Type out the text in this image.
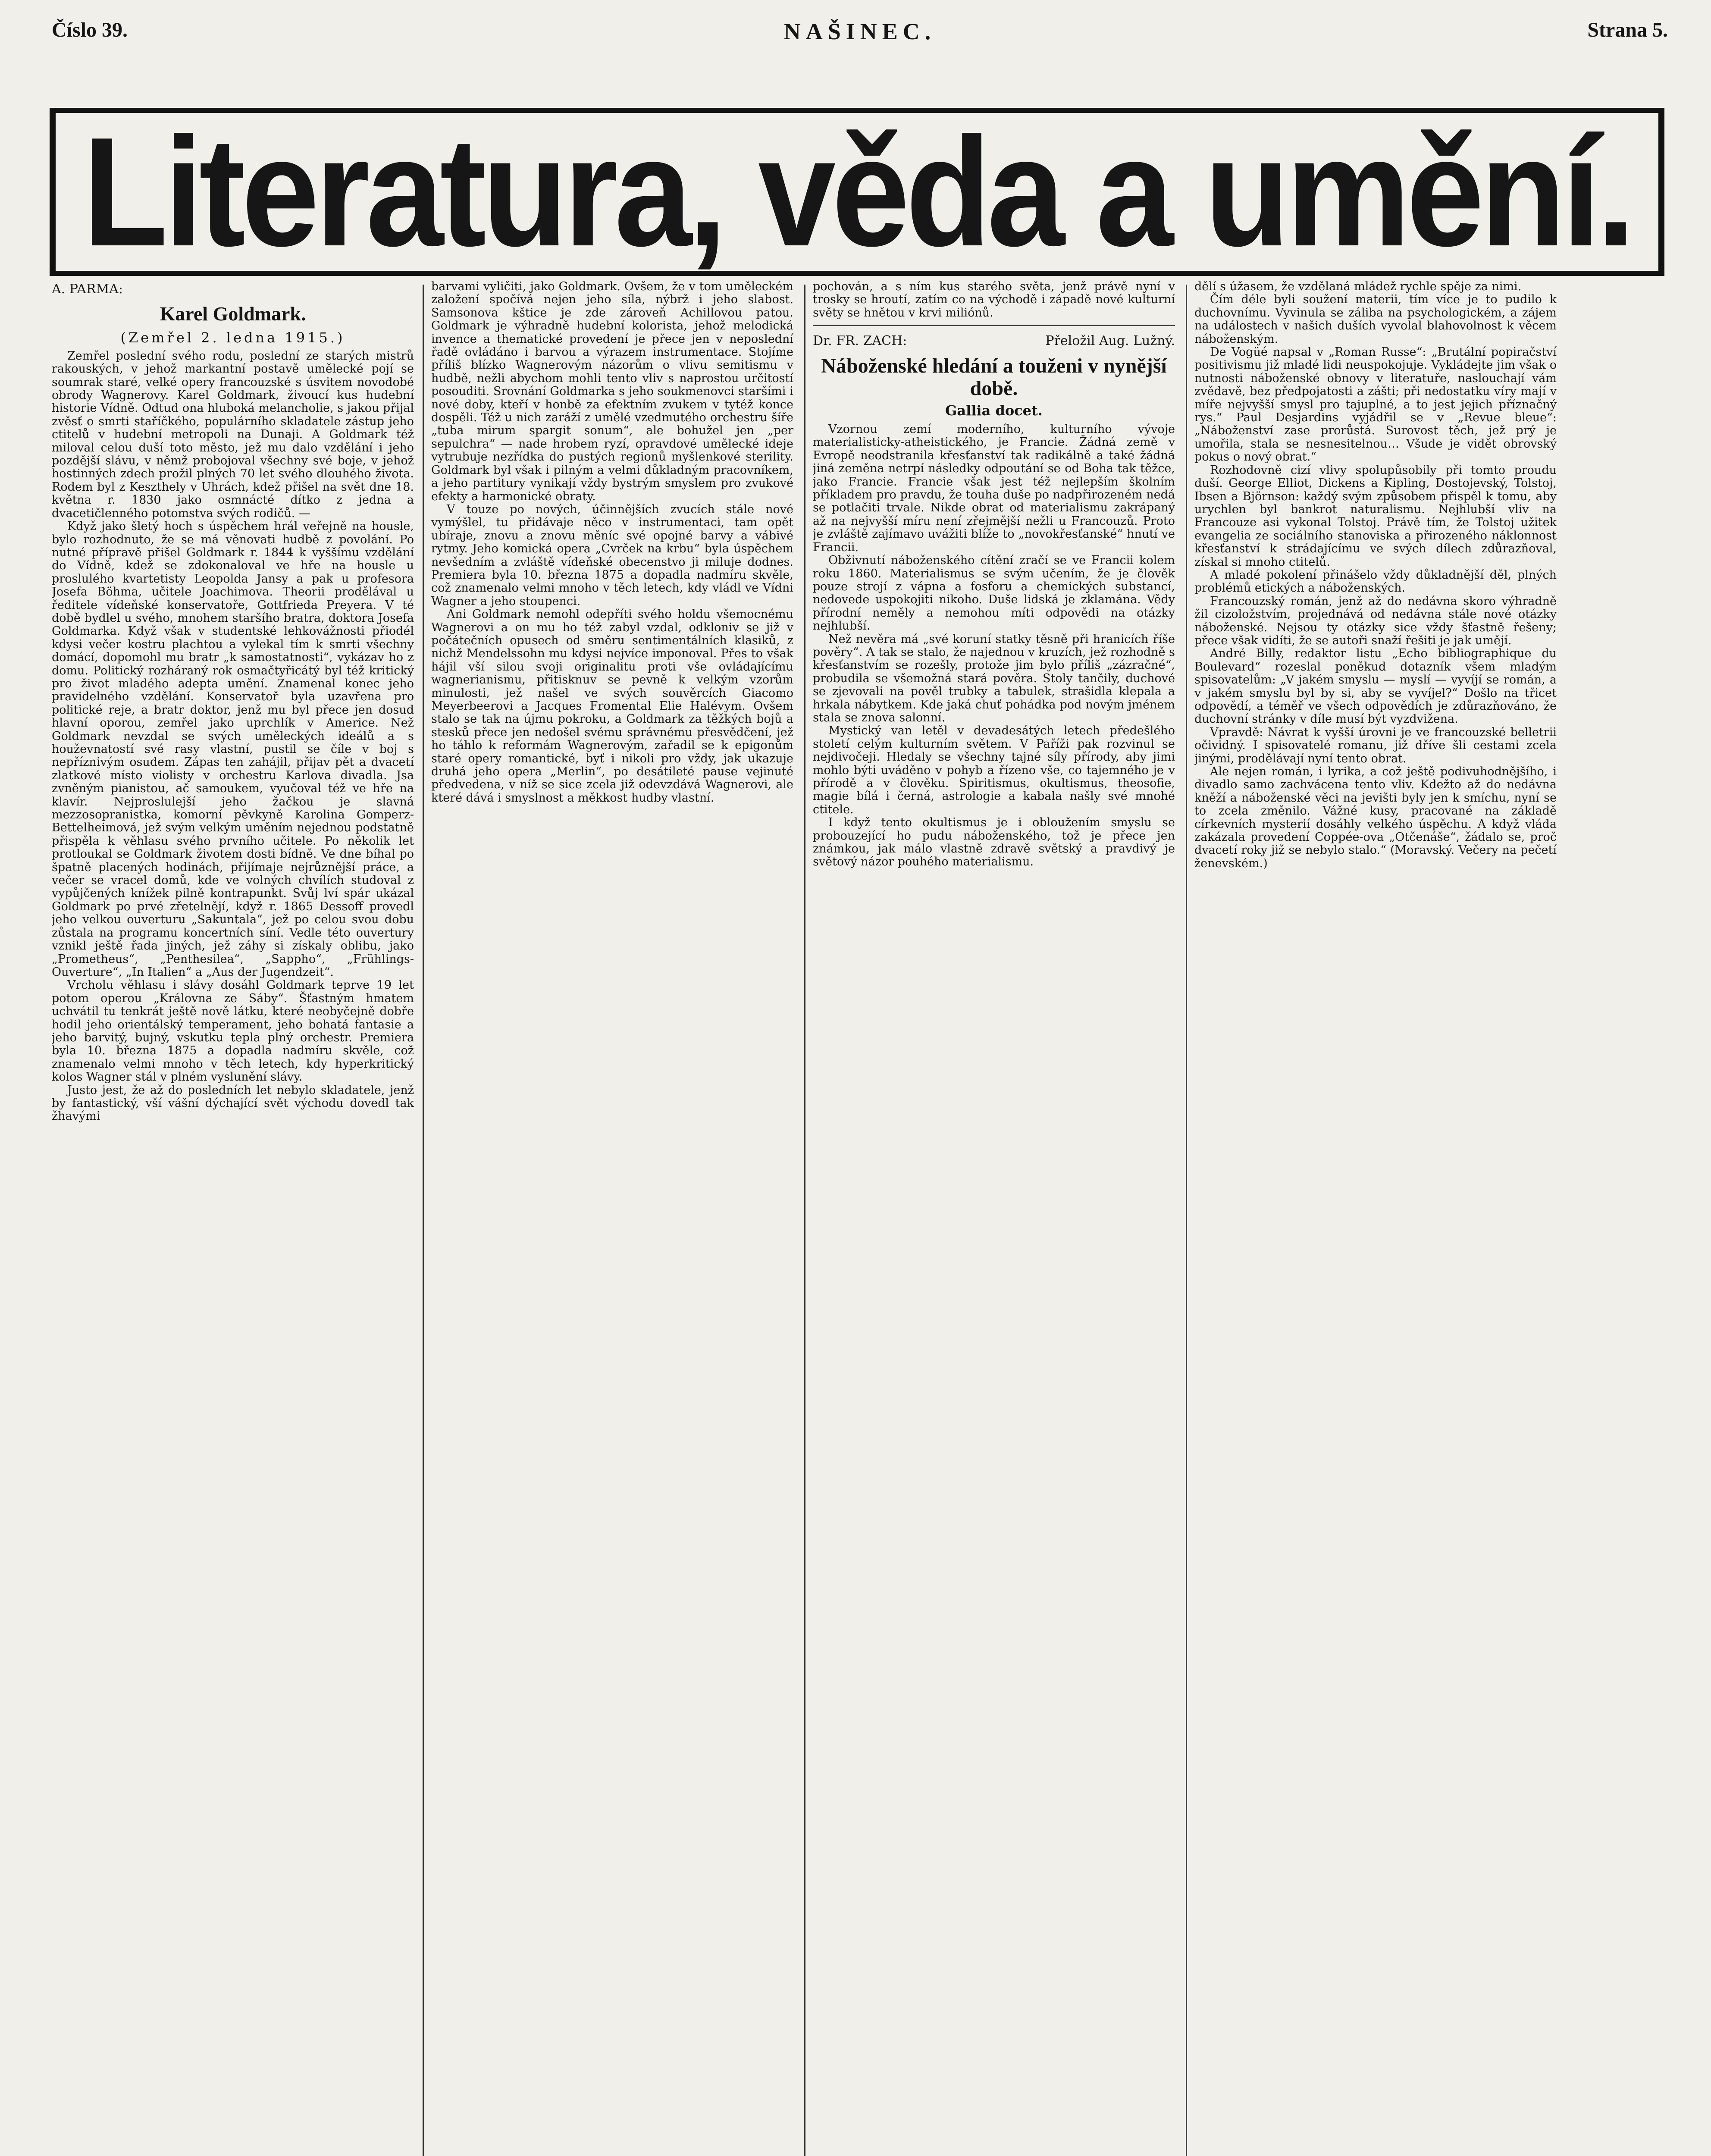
Číslo 39.	NAŠINEC.	Strana 5.
Literatura, věda a umění.

A. PARMA:

Karel Goldmark.
(Zemřel 2. ledna 1915.)

Zemřel poslední svého rodu, poslední ze starých mistrů rakouských, v jehož markantní postavě umělecké pojí se soumrak staré, velké opery francouzské s úsvitem novodobé obrody Wagnerovy. Karel Goldmark, živoucí kus hudební historie Vídně. Odtud ona hluboká melancholie, s jakou přijal zvěsť o smrti staříčkého, populárního skladatele zástup jeho ctitelů v hudební metropoli na Dunaji. A Goldmark též miloval celou duší toto město, jež mu dalo vzdělání i jeho pozdější slávu, v němž probojoval všechny své boje, v jehož hostinných zdech prožil plných 70 let svého dlouhého života. Rodem byl z Keszthely v Uhrách, kdež přišel na svět dne 18. května r. 1830 jako osmnácté dítko z jedna a dvacetičlenného potomstva svých rodičů. —

Když jako šletý hoch s úspěchem hrál veřejně na housle, bylo rozhodnuto, že se má věnovati hudbě z povolání. Po nutné přípravě přišel Goldmark r. 1844 k vyššímu vzdělání do Vídně, kdež se zdokonaloval ve hře na housle u proslulého kvartetisty Leopolda Jansy a pak u profesora Josefa Böhma, učitele Joachimova. Theorii prodělával u ředitele vídeňské konservatoře, Gottfrieda Preyera. V té době bydlel u svého, mnohem staršího bratra, doktora Josefa Goldmarka. Když však v studentské lehkovážnosti přiodél kdysi večer kostru plachtou a vylekal tím k smrti všechny domácí, dopomohl mu bratr „k samostatnosti“, vykázav ho z domu. Politický rozháraný rok osmačtyřicátý byl též kritický pro život mladého adepta umění. Znamenal konec jeho pravidelného vzdělání. Konservatoř byla uzavřena pro politické reje, a bratr doktor, jenž mu byl přece jen dosud hlavní oporou, zemřel jako uprchlík v Americe. Než Goldmark nevzdal se svých uměleckých ideálů a s houževnatostí své rasy vlastní, pustil se číle v boj s nepříznivým osudem. Zápas ten zahájil, přijav pět a dvacetí zlatkové místo violisty v orchestru Karlova divadla. Jsa zvněným pianistou, ač samoukem, vyučoval též ve hře na klavír. Nejproslulejší jeho žačkou je slavná mezzosopranistka, komorní pěvkyně Karolina Gomperz-Bettelheimová, jež svým velkým uměním nejednou podstatně přispěla k věhlasu svého prvního učitele. Po několik let protloukal se Goldmark životem dosti bídně. Ve dne bíhal po špatně placených hodinách, přijímaje nejrůznější práce, a večer se vracel domů, kde ve volných chvílích studoval z vypůjčených knížek pilně kontrapunkt. Svůj lví spár ukázal Goldmark po prvé zřetelnějí, když r. 1865 Dessoff provedl jeho velkou ouverturu „Sakuntala“, jež po celou svou dobu zůstala na programu koncertních síní. Vedle této ouvertury vznikl ještě řada jiných, jež záhy si získaly oblibu, jako „Prometheus“, „Penthesilea“, „Sappho“, „Frühlings-Ouverture“, „In Italien“ a „Aus der Jugendzeit“.

Vrcholu věhlasu i slávy dosáhl Goldmark teprve 19 let potom operou „Královna ze Sáby“. Šťastným hmatem uchvátil tu tenkrát ještě nově látku, které neobyčejně dobře hodil jeho orientálský temperament, jeho bohatá fantasie a jeho barvitý, bujný, vskutku tepla plný orchestr. Premiera byla 10. března 1875 a dopadla nadmíru skvěle, což znamenalo velmi mnoho v těch letech, kdy hyperkritický kolos Wagner stál v plném vyslunění slávy.

Justo jest, že až do posledních let nebylo skladatele, jenž by fantastický, vší vášní dýchající svět východu dovedl tak žhavými

barvami vyličiti, jako Goldmark. Ovšem, že v tom uměleckém založení spočívá nejen jeho síla, nýbrž i jeho slabost. Samsonova kštice je zde zároveň Achillovou patou. Goldmark je výhradně hudební kolorista, jehož melodická invence a thematické provedení je přece jen v neposlední řadě ovládáno i barvou a výrazem instrumentace. Stojíme příliš blízko Wagnerovým názorům o vlivu semitismu v hudbě, nežli abychom mohli tento vliv s naprostou určitostí posouditi. Srovnání Goldmarka s jeho soukmenovci staršími i nové doby, kteří v honbě za efektním zvukem v tytéž konce dospěli. Též u nich zaráží z umělé vzedmutého orchestru šíře „tuba mirum spargit sonum“, ale bohužel jen „per sepulchra“ — nade hrobem ryzí, opravdové umělecké ideje vytrubuje nezřídka do pustých regionů myšlenkové sterility. Goldmark byl však i pilným a velmi důkladným pracovníkem, a jeho partitury vynikají vždy bystrým smyslem pro zvukové efekty a harmonické obraty.

V touze po nových, účinnějších zvucích stále nové vymýšlel, tu přidávaje něco v instrumentaci, tam opět ubíraje, znovu a znovu měníc své opojné barvy a vábivé rytmy. Jeho komická opera „Cvrček na krbu“ byla úspěchem nevšedním a zvláště vídeňské obecenstvo ji miluje dodnes. Premiera byla 10. března 1875 a dopadla nadmíru skvěle, což znamenalo velmi mnoho v těch letech, kdy vládl ve Vídni Wagner a jeho stoupenci.

Ani Goldmark nemohl odepříti svého holdu všemocnému Wagnerovi a on mu ho též zabyl vzdal, odkloniv se již v počátečních opusech od směru sentimentálních klasiků, z nichž Mendelssohn mu kdysi nejvíce imponoval. Přes to však hájil vší silou svoji originalitu proti vše ovládajícímu wagnerianismu, přitisknuv se pevně k velkým vzorům minulosti, jež našel ve svých souvěrcích Giacomo Meyerbeerovi a Jacques Fromental Elie Halévym. Ovšem stalo se tak na újmu pokroku, a Goldmark za těžkých bojů a stesků přece jen nedošel svému správnému přesvědčení, jež ho táhlo k reformám Wagnerovým, zařadil se k epigonům staré opery romantické, byť i nikoli pro vždy, jak ukazuje druhá jeho opera „Merlin“, po desátileté pause vejinuté předvedena, v níž se sice zcela již odevzdává Wagnerovi, ale které dává i smyslnost a měkkost hudby vlastní.

pochován, a s ním kus starého světa, jenž právě nyní v trosky se hroutí, zatím co na východě i západě nové kulturní světy se hnětou v krvi miliónů.

Dr. FR. ZACH:	Přeložil Aug. Lužný.
Náboženské hledání a touženi v nynější době.
Gallia docet.

Vzornou zemí moderního, kulturního vývoje materialisticky-atheistického, je Francie. Žádná země v Evropě neodstranila křesťanství tak radikálně a také žádná jiná zeměna netrpí následky odpoutání se od Boha tak těžce, jako Francie. Francie však jest též nejlepším školním příkladem pro pravdu, že touha duše po nadpřirozeném nedá se potlačiti trvale. Nikde obrat od materialismu zakrápaný až na nejvyšší míru není zřejmější nežli u Francouzů. Proto je zvláště zajímavo uvážiti blíže to „novokřesťanské“ hnutí ve Francii.

Obživnutí náboženského cítění zračí se ve Francii kolem roku 1860. Materialismus se svým učením, že je člověk pouze strojí z vápna a fosforu a chemických substancí, nedovede uspokojiti nikoho. Duše lidská je zklamána. Vědy přírodní neměly a nemohou míti odpovědi na otázky nejhlubší.

Než nevěra má „své koruní statky těsně při hranicích říše pověry“. A tak se stalo, že najednou v kruzích, jež rozhodně s křesťanstvím se rozešly, protože jim bylo příliš „zázračné“, probudila se všemožná stará pověra. Stoly tančily, duchové se zjevovali na pověl trubky a tabulek, strašidla klepala a hrkala nábytkem. Kde jaká chuť pohádka pod novým jménem stala se znova salonní.

Mystický van letěl v devadesátých letech předešlého století celým kulturním světem. V Paříži pak rozvinul se nejdivočeji. Hledaly se všechny tajné síly přírody, aby jimi mohlo býti uváděno v pohyb a řízeno vše, co tajemného je v přírodě a v člověku. Spiritismus, okultismus, theosofie, magie bílá i černá, astrologie a kabala našly své mnohé ctitele.

I když tento okultismus je i obloužením smyslu se probouzející ho pudu náboženského, tož je přece jen známkou, jak málo vlastně zdravě světský a pravdivý je světový názor pouhého materialismu.

dělí s úžasem, že vzdělaná mládež rychle spěje za nimi.

Čím déle byli soužení materii, tím více je to pudilo k duchovnímu. Vyvinula se záliba na psychologickém, a zájem na událostech v našich duších vyvolal blahovolnost k věcem náboženským.

De Vogüé napsal v „Roman Russe“: „Brutální popiračství positivismu již mladé lidi neuspokojuje. Vykládejte jim však o nutnosti náboženské obnovy v literatuře, naslouchají vám zvědavě, bez předpojatosti a zášti; při nedostatku víry mají v míře nejvyšší smysl pro tajuplné, a to jest jejich příznačný rys.“ Paul Desjardins vyjádřil se v „Revue bleue“: „Náboženství zase prorůstá. Surovost těch, jež prý je umořila, stala se nesnesitelnou… Všude je vidět obrovský pokus o nový obrat.“

Rozhodovně cizí vlivy spolupůsobily při tomto proudu duší. George Elliot, Dickens a Kipling, Dostojevský, Tolstoj, Ibsen a Björnson: každý svým způsobem přispěl k tomu, aby urychlen byl bankrot naturalismu. Nejhlubší vliv na Francouze asi vykonal Tolstoj. Právě tím, že Tolstoj užitek evangelia ze sociálního stanoviska a přirozeného náklonnost křesťanství k strádajícímu ve svých dílech zdůrazňoval, získal si mnoho ctitelů.

A mladé pokolení přinášelo vždy důkladnější děl, plných problémů etických a náboženských.

Francouzský román, jenž až do nedávna skoro výhradně žil cizoložstvím, projednává od nedávna stále nové otázky náboženské. Nejsou ty otázky sice vždy šťastně řešeny; přece však vidíti, že se autoři snaží řešiti je jak umějí.

André Billy, redaktor listu „Echo bibliographique du Boulevard“ rozeslal poněkud dotazník všem mladým spisovatelům: „V jakém smyslu — myslí — vyvíjí se román, a v jakém smyslu byl by si, aby se vyvíjel?“ Došlo na třicet odpovědí, a téměř ve všech odpovědích je zdůrazňováno, že duchovní stránky v díle musí být vyzdvižena.

Vpravdě: Návrat k vyšší úrovni je ve francouzské belletrii očividný. I spisovatelé romanu, již dříve šli cestami zcela jinými, prodělávají nyní tento obrat.

Ale nejen román, i lyrika, a což ještě podivuhodnějšího, i divadlo samo zachvácena tento vliv. Kdežto až do nedávna kněží a náboženské věci na jevišti byly jen k smíchu, nyní se to zcela změnilo. Vážné kusy, pracované na základě církevních mysterií dosáhly velkého úspěchu. A když vláda zakázala provedení Coppée-ova „Otčenáše“, žádalo se, proč dvacetí roky již se nebylo stalo.“ (Moravský. Večery na pečetí ženevském.)
